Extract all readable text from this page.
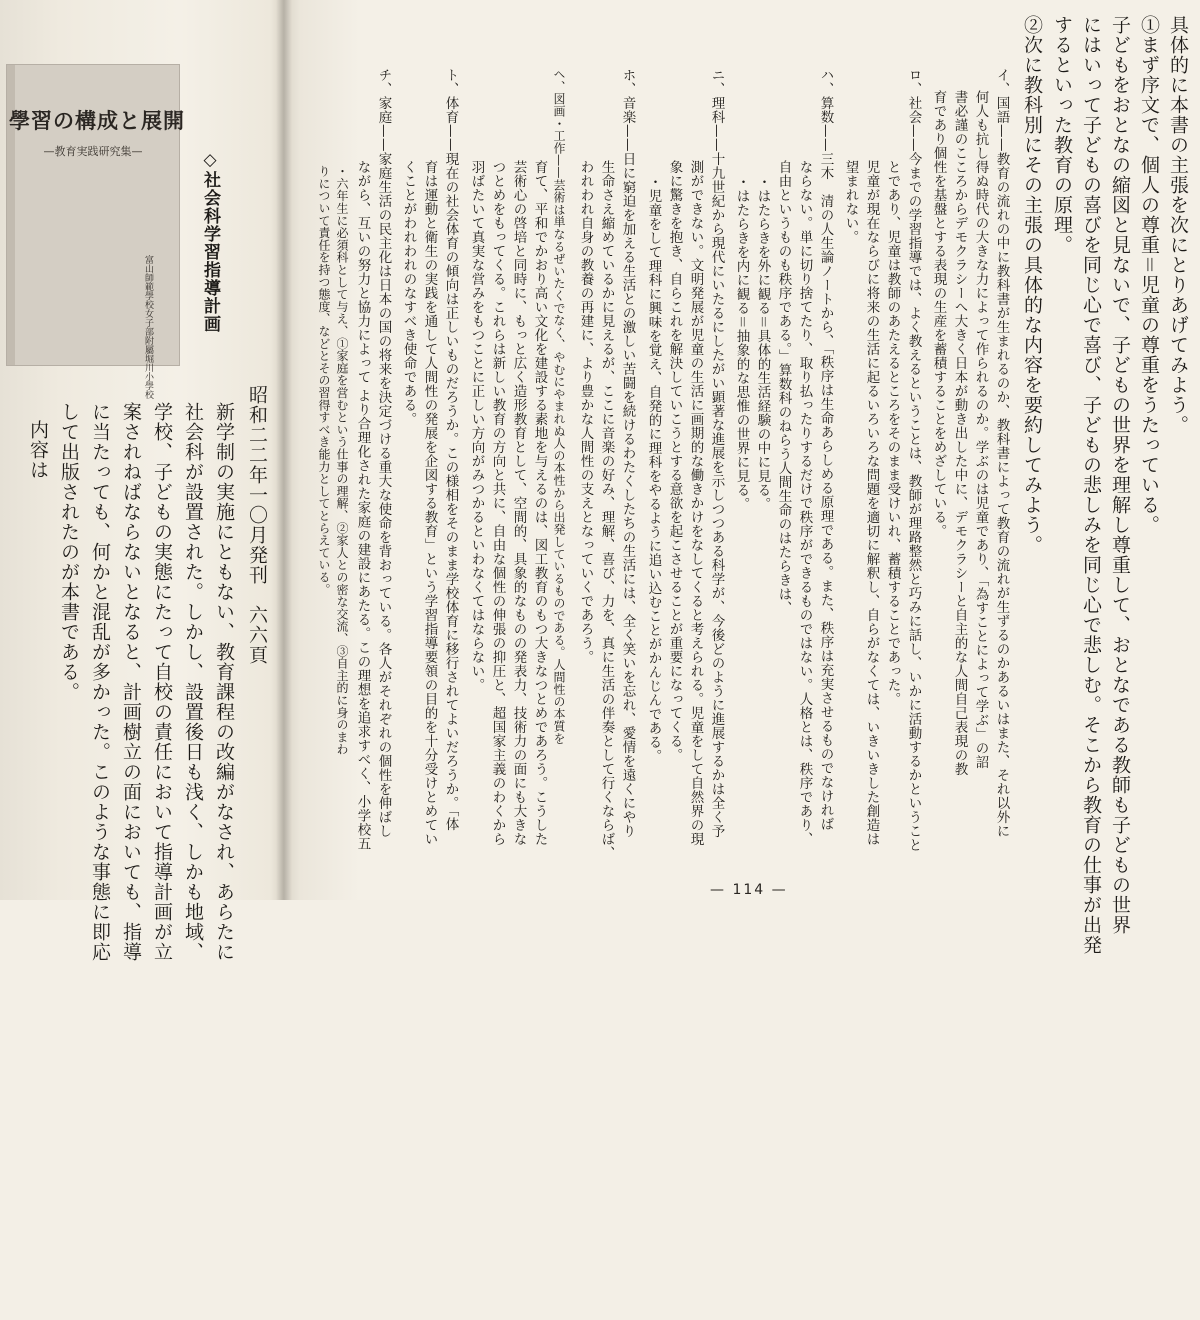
學習の構成と展開
—教育実践研究集—
富山師範學校女子部附屬堀川小學校	◇社会科学習指導計画
昭和二二年一〇月発刊　六六頁
新学制の実施にともない、教育課程の改編がなされ、あらたに
社会科が設置された。しかし、設置後日も浅く、しかも地域、
学校、子どもの実態にたって自校の責任において指導計画が立
案されねばならないとなると、計画樹立の面においても、指導
に当たっても、何かと混乱が多かった。このような事態に即応
して出版されたのが本書である。
内容は
具体的に本書の主張を次にとりあげてみよう。
①まず序文で、個人の尊重＝児童の尊重をうたっている。
子どもをおとなの縮図と見ないで、子どもの世界を理解し尊重して、おとなである教師も子どもの世界
にはいって子どもの喜びを同じ心で喜び、子どもの悲しみを同じ心で悲しむ。そこから教育の仕事が出発
するといった教育の原理。
②次に教科別にその主張の具体的な内容を要約してみよう。
イ、国語——教育の流れの中に教科書が生まれるのか、教科書によって教育の流れが生ずるのかあるいはまた、それ以外に
何人も抗し得ぬ時代の大きな力によって作られるのか。学ぶのは児童であり、「為すことによって学ぶ」の詔
書必謹のこころからデモクラシーへ大きく日本が動き出した中に、デモクラシーと自主的な人間自己表現の教
育であり個性を基盤とする表現の生産を蓄積することをめざしている。
ロ、社会——今までの学習指導では、よく教えるということは、教師が理路整然と巧みに話し、いかに活動するかということ
とであり、児童は教師のあたえるところをそのまま受けいれ、蓄積することであった。
児童が現在ならびに将来の生活に起るいろいろな問題を適切に解釈し、自らがなくては、いきいきした創造は
望まれない。
ハ、算数——三木　清の人生論ノートから、「秩序は生命あらしめる原理である。また、秩序は充実させるものでなければ
ならない。単に切り捨てたり、取り払ったりするだけで秩序ができるものではない。人格とは、秩序であり、
自由というものも秩序である。」算数科のねらう人間生命のはたらきは、
・はたらきを外に観る＝具体的生活経験の中に見る。
・はたらきを内に観る＝抽象的な思惟の世界に見る。
ニ、理科——十九世紀から現代にいたるにしたがい顕著な進展を示しつつある科学が、今後どのように進展するかは全く予
測ができない。文明発展が児童の生活に画期的な働きかけをなしてくると考えられる。児童をして自然界の現
象に驚きを抱き、自らこれを解決していこうとする意欲を起こさせることが重要になってくる。
・児童をして理科に興味を覚え、自発的に理科をやるように追い込むことがかんじんである。
ホ、音楽——日に窮迫を加える生活との激しい苦闘を続けるわたくしたちの生活には、全く笑いを忘れ、愛情を遠くにやり
生命さえ縮めているかに見えるが、ここに音楽の好み、理解、喜び、力を、真に生活の伴奏として行くならば、
われわれ自身の教養の再建に、より豊かな人間性の支えとなっていくであろう。
ヘ、図画・工作——芸術は単なるぜいたくでなく、やむにやまれぬ人の本性から出発しているものである。人間性の本質を
育て、平和でかおり高い文化を建設する素地を与えるのは、図工教育のもつ大きなつとめであろう。こうした
芸術心の啓培と同時に、もっと広く造形教育として、空間的、具象的なものの発表力、技術力の面にも大きな
つとめをもってくる。これらは新しい教育の方向と共に、自由な個性の伸張の抑圧と、超国家主義のわくから
羽ばたいて真実な営みをもつことに正しい方向がみつかるといわなくてはならない。
ト、体育——現在の社会体育の傾向は正しいものだろうか。この様相をそのまま学校体育に移行されてよいだろうか。「体
育は運動と衛生の実践を通して人間性の発展を企図する教育」という学習指導要領の目的を十分受けとめてい
くことがわれわれのなすべき使命である。
チ、家庭——家庭生活の民主化は日本の国の将来を決定づける重大な使命を背おっている。各人がそれぞれの個性を伸ばし
ながら、互いの努力と協力によって より合理化された家庭の建設にあたる。この理想を追求すべく、小学校五
・六年生に必須科として与え、①家庭を営むという仕事の理解、②家人との密な交流、③自主的に身のまわ
りについて責任を持つ態度、などとその習得すべき能力としてとらえている。
— 114 —
